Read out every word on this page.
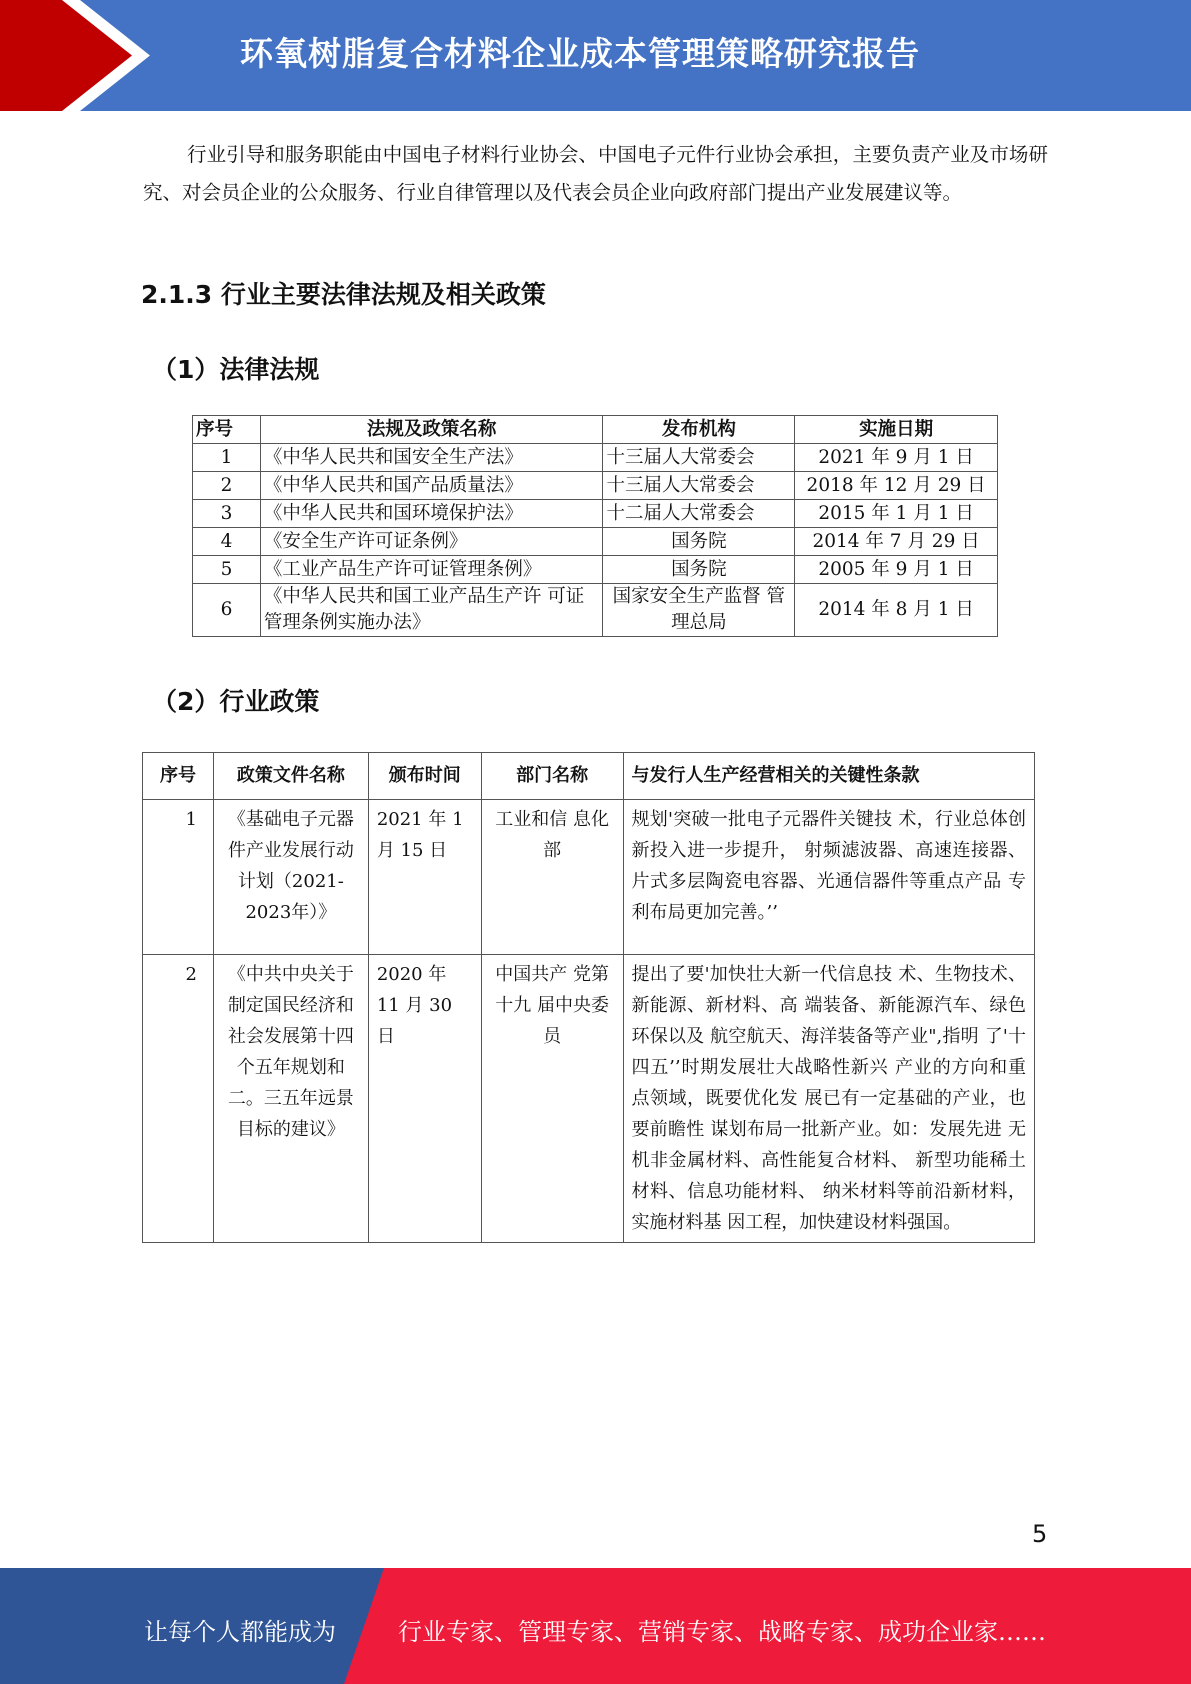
环氧树脂复合材料企业成本管理策略研究报告

行业引导和服务职能由中国电子材料行业协会、中国电子元件行业协会承担，主要负责产业及市场研究、对会员企业的公众服务、行业自律管理以及代表会员企业向政府部门提出产业发展建议等。

2.1.3 行业主要法律法规及相关政策
（1）法律法规
序号	法规及政策名称	发布机构	实施日期
1	《中华人民共和国安全生产法》	十三届人大常委会	2021 年 9 月 1 日
2	《中华人民共和国产品质量法》	十三届人大常委会	2018 年 12 月 29 日
3	《中华人民共和国环境保护法》	十二届人大常委会	2015 年 1 月 1 日
4	《安全生产许可证条例》	国务院	2014 年 7 月 29 日
5	《工业产品生产许可证管理条例》	国务院	2005 年 9 月 1 日
6	《中华人民共和国工业产品生产许 可证管理条例实施办法》	国家安全生产监督 管理总局	2014 年 8 月 1 日
（2）行业政策
序号	政策文件名称	颁布时间	部门名称	与发行人生产经营相关的关键性条款
1	《基础电子元器件产业发展行动计划（2021-2023年）》	2021 年 1 月 15 日	工业和信 息化部	规划'突破一批电子元器件关键技 术，行业总体创新投入进一步提升， 射频滤波器、高速连接器、片式多层陶瓷电容器、光通信器件等重点产品 专利布局更加完善。’’
2	《中共中央关于制定国民经济和社会发展第十四个五年规划和二。三五年远景目标的建议》	2020 年 11 月 30 日	中国共产 党第十九 届中央委 员	提出了要'加快壮大新一代信息技 术、生物技术、新能源、新材料、高 端装备、新能源汽车、绿色环保以及 航空航天、海洋装备等产业",指明 了'十四五’’时期发展壮大战略性新兴 产业的方向和重点领域，既要优化发 展已有一定基础的产业，也要前瞻性 谋划布局一批新产业。如：发展先进 无机非金属材料、高性能复合材料、 新型功能稀土材料、信息功能材料、 纳米材料等前沿新材料，实施材料基 因工程，加快建设材料强国。
5
让每个人都能成为	行业专家、管理专家、营销专家、战略专家、成功企业家……
